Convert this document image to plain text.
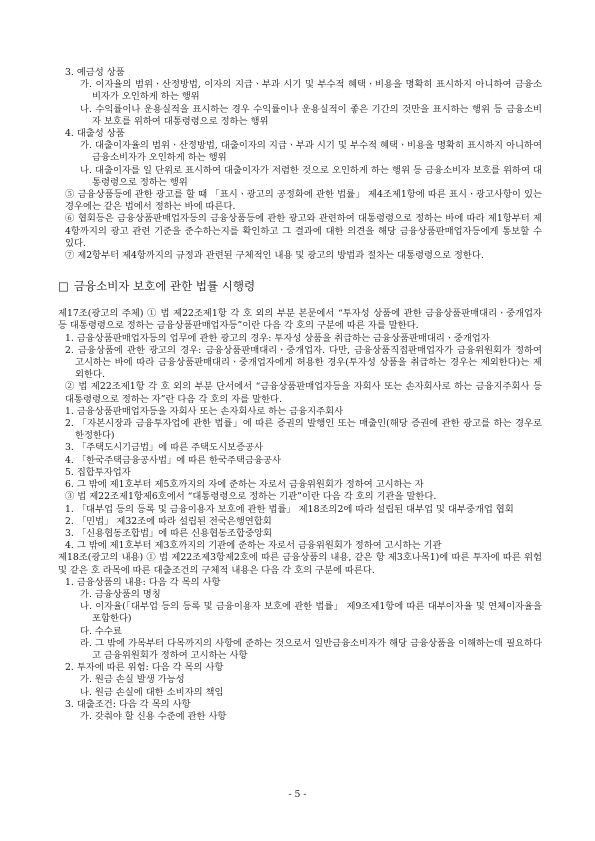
3. 예금성 상품

가. 이자율의 범위ㆍ산정방법, 이자의 지급ㆍ부과 시기 및 부수적 혜택ㆍ비용을 명확히 표시하지 아니하여 금융소비자가 오인하게 하는 행위

나. 수익률이나 운용실적을 표시하는 경우 수익률이나 운용실적이 좋은 기간의 것만을 표시하는 행위 등 금융소비자 보호를 위하여 대통령령으로 정하는 행위

4. 대출성 상품

가. 대출이자율의 범위ㆍ산정방법, 대출이자의 지급ㆍ부과 시기 및 부수적 혜택ㆍ비용을 명확히 표시하지 아니하여 금융소비자가 오인하게 하는 행위

나. 대출이자를 일 단위로 표시하여 대출이자가 저렴한 것으로 오인하게 하는 행위 등 금융소비자 보호를 위하여 대통령령으로 정하는 행위

⑤ 금융상품등에 관한 광고를 할 때 「표시ㆍ광고의 공정화에 관한 법률」 제4조제1항에 따른 표시ㆍ광고사항이 있는 경우에는 같은 법에서 정하는 바에 따른다.

⑥ 협회등은 금융상품판매업자등의 금융상품등에 관한 광고와 관련하여 대통령령으로 정하는 바에 따라 제1항부터 제4항까지의 광고 관련 기준을 준수하는지를 확인하고 그 결과에 대한 의견을 해당 금융상품판매업자등에게 통보할 수 있다.

⑦ 제2항부터 제4항까지의 규정과 관련된 구체적인 내용 및 광고의 방법과 절차는 대통령령으로 정한다.

□ 금융소비자 보호에 관한 법률 시행령

제17조(광고의 주체) ① 법 제22조제1항 각 호 외의 부분 본문에서 “투자성 상품에 관한 금융상품판매대리ㆍ중개업자 등 대통령령으로 정하는 금융상품판매업자등”이란 다음 각 호의 구분에 따른 자를 말한다.

1. 금융상품판매업자등의 업무에 관한 광고의 경우: 투자성 상품을 취급하는 금융상품판매대리ㆍ중개업자

2. 금융상품에 관한 광고의 경우: 금융상품판매대리ㆍ중개업자. 다만, 금융상품직접판매업자가 금융위원회가 정하여 고시하는 바에 따라 금융상품판매대리ㆍ중개업자에게 허용한 경우(투자성 상품을 취급하는 경우는 제외한다)는 제외한다.

② 법 제22조제1항 각 호 외의 부분 단서에서 “금융상품판매업자등을 자회사 또는 손자회사로 하는 금융지주회사 등 대통령령으로 정하는 자”란 다음 각 호의 자를 말한다.

1. 금융상품판매업자등을 자회사 또는 손자회사로 하는 금융지주회사

2. 「자본시장과 금융투자업에 관한 법률」에 따른 증권의 발행인 또는 매출인(해당 증권에 관한 광고를 하는 경우로 한정한다)

3. 「주택도시기금법」에 따른 주택도시보증공사

4. 「한국주택금융공사법」에 따른 한국주택금융공사

5. 집합투자업자

6. 그 밖에 제1호부터 제5호까지의 자에 준하는 자로서 금융위원회가 정하여 고시하는 자

③ 법 제22조제1항제6호에서 “대통령령으로 정하는 기관”이란 다음 각 호의 기관을 말한다.

1. 「대부업 등의 등록 및 금융이용자 보호에 관한 법률」 제18조의2에 따라 설립된 대부업 및 대부중개업 협회

2. 「민법」 제32조에 따라 설립된 전국은행연합회

3. 「신용협동조합법」에 따른 신용협동조합중앙회

4. 그 밖에 제1호부터 제3호까지의 기관에 준하는 자로서 금융위원회가 정하여 고시하는 기관

제18조(광고의 내용) ① 법 제22조제3항제2호에 따른 금융상품의 내용, 같은 항 제3호나목1)에 따른 투자에 따른 위험 및 같은 호 라목에 따른 대출조건의 구체적 내용은 다음 각 호의 구분에 따른다.

1. 금융상품의 내용: 다음 각 목의 사항

가. 금융상품의 명칭

나. 이자율(「대부업 등의 등록 및 금융이용자 보호에 관한 법률」 제9조제1항에 따른 대부이자율 및 연체이자율을 포함한다)

다. 수수료

라. 그 밖에 가목부터 다목까지의 사항에 준하는 것으로서 일반금융소비자가 해당 금융상품을 이해하는데 필요하다고 금융위원회가 정하여 고시하는 사항

2. 투자에 따른 위험: 다음 각 목의 사항

가. 원금 손실 발생 가능성

나. 원금 손실에 대한 소비자의 책임

3. 대출조건: 다음 각 목의 사항

가. 갖춰야 할 신용 수준에 관한 사항

- 5 -
